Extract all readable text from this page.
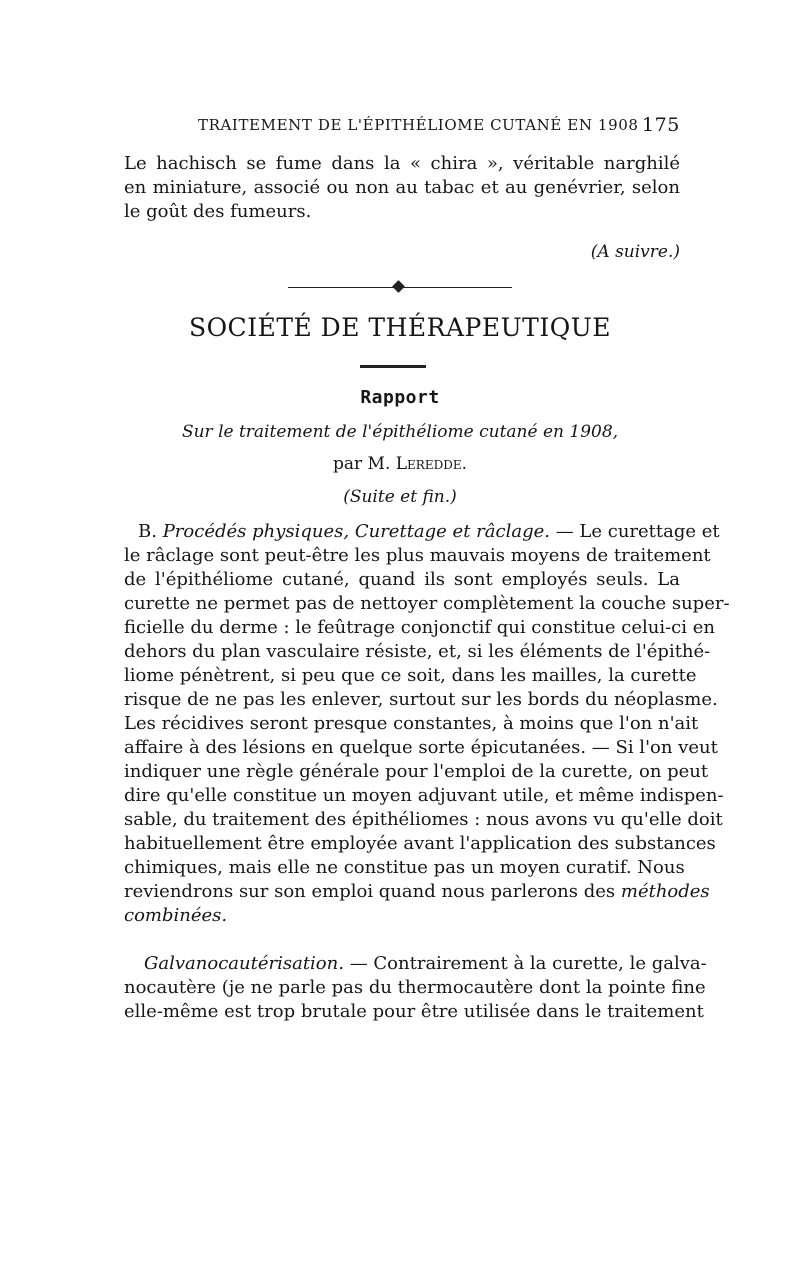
TRAITEMENT DE L'ÉPITHÉLIOME CUTANÉ EN 1908 175
Le hachisch se fume dans la « chira », véritable narghilé
en miniature, associé ou non au tabac et au genévrier, selon
le goût des fumeurs.
(A suivre.)
SOCIÉTÉ DE THÉRAPEUTIQUE
Rapport
Sur le traitement de l'épithéliome cutané en 1908,
par M. Leredde.
(Suite et fin.)
B. Procédés physiques, Curettage et râclage. — Le curettage et
le râclage sont peut-être les plus mauvais moyens de traitement
de l'épithéliome cutané, quand ils sont employés seuls. La
curette ne permet pas de nettoyer complètement la couche super-
ficielle du derme : le feûtrage conjonctif qui constitue celui-ci en
dehors du plan vasculaire résiste, et, si les éléments de l'épithé-
liome pénètrent, si peu que ce soit, dans les mailles, la curette
risque de ne pas les enlever, surtout sur les bords du néoplasme.
Les récidives seront presque constantes, à moins que l'on n'ait
affaire à des lésions en quelque sorte épicutanées. — Si l'on veut
indiquer une règle générale pour l'emploi de la curette, on peut
dire qu'elle constitue un moyen adjuvant utile, et même indispen-
sable, du traitement des épithéliomes : nous avons vu qu'elle doit
habituellement être employée avant l'application des substances
chimiques, mais elle ne constitue pas un moyen curatif. Nous
reviendrons sur son emploi quand nous parlerons des méthodes
combinées.
Galvanocautérisation. — Contrairement à la curette, le galva-
nocautère (je ne parle pas du thermocautère dont la pointe fine
elle-même est trop brutale pour être utilisée dans le traitement
